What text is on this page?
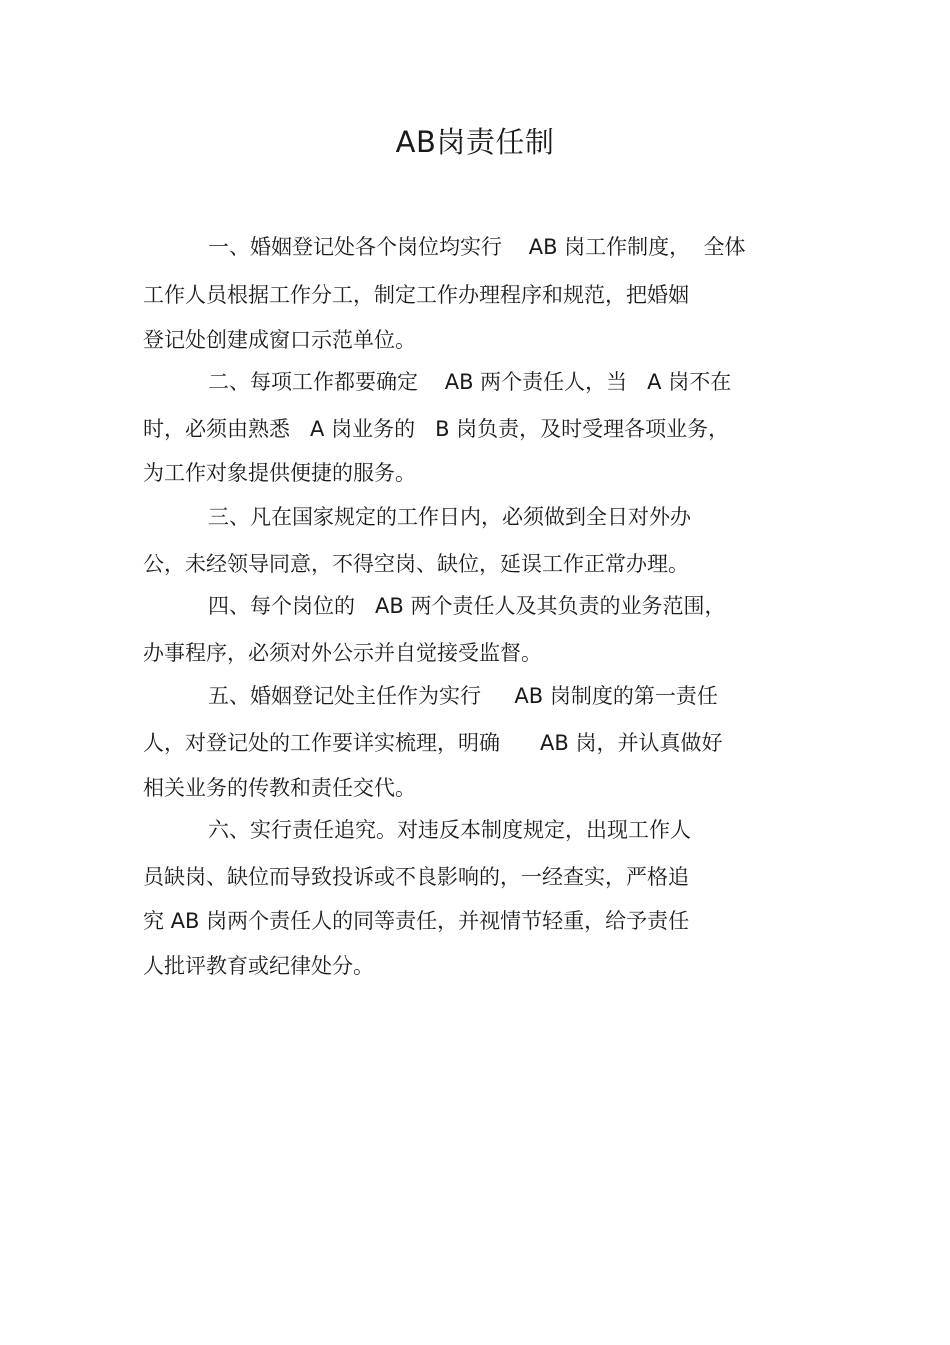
AB岗责任制
一、婚姻登记处各个岗位均实行    AB 岗工作制度，  全体
工作人员根据工作分工，制定工作办理程序和规范，把婚姻
登记处创建成窗口示范单位。
二、每项工作都要确定    AB 两个责任人，当   A 岗不在
时，必须由熟悉   A 岗业务的   B 岗负责，及时受理各项业务，
为工作对象提供便捷的服务。
三、凡在国家规定的工作日内，必须做到全日对外办
公，未经领导同意，不得空岗、缺位，延误工作正常办理。
四、每个岗位的   AB 两个责任人及其负责的业务范围，
办事程序，必须对外公示并自觉接受监督。
五、婚姻登记处主任作为实行     AB 岗制度的第一责任
人，对登记处的工作要详实梳理，明确      AB 岗，并认真做好
相关业务的传教和责任交代。
六、实行责任追究。对违反本制度规定，出现工作人
员缺岗、缺位而导致投诉或不良影响的，一经查实，严格追
究 AB 岗两个责任人的同等责任，并视情节轻重，给予责任
人批评教育或纪律处分。
